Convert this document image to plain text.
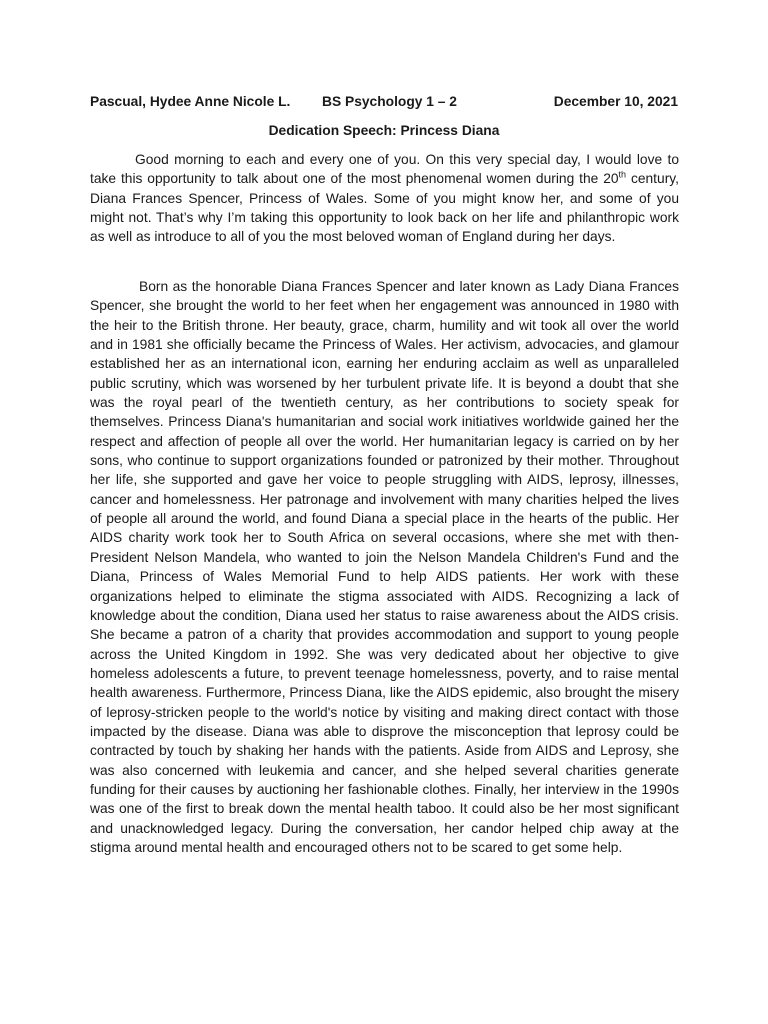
Pascual, Hydee Anne Nicole L.	BS Psychology 1 – 2	December 10, 2021
Dedication Speech: Princess Diana

Good morning to each and every one of you. On this very special day, I would love to take this opportunity to talk about one of the most phenomenal women during the 20th century, Diana Frances Spencer, Princess of Wales. Some of you might know her, and some of you might not. That’s why I’m taking this opportunity to look back on her life and philanthropic work as well as introduce to all of you the most beloved woman of England during her days.

Born as the honorable Diana Frances Spencer and later known as Lady Diana Frances Spencer, she brought the world to her feet when her engagement was announced in 1980 with the heir to the British throne. Her beauty, grace, charm, humility and wit took all over the world and in 1981 she officially became the Princess of Wales. Her activism, advocacies, and glamour established her as an international icon, earning her enduring acclaim as well as unparalleled public scrutiny, which was worsened by her turbulent private life. It is beyond a doubt that she was the royal pearl of the twentieth century, as her contributions to society speak for themselves. Princess Diana's humanitarian and social work initiatives worldwide gained her the respect and affection of people all over the world. Her humanitarian legacy is carried on by her sons, who continue to support organizations founded or patronized by their mother. Throughout her life, she supported and gave her voice to people struggling with AIDS, leprosy, illnesses, cancer and homelessness. Her patronage and involvement with many charities helped the lives of people all around the world, and found Diana a special place in the hearts of the public. Her AIDS charity work took her to South Africa on several occasions, where she met with then-President Nelson Mandela, who wanted to join the Nelson Mandela Children's Fund and the Diana, Princess of Wales Memorial Fund to help AIDS patients. Her work with these organizations helped to eliminate the stigma associated with AIDS. Recognizing a lack of knowledge about the condition, Diana used her status to raise awareness about the AIDS crisis. She became a patron of a charity that provides accommodation and support to young people across the United Kingdom in 1992. She was very dedicated about her objective to give homeless adolescents a future, to prevent teenage homelessness, poverty, and to raise mental health awareness. Furthermore, Princess Diana, like the AIDS epidemic, also brought the misery of leprosy-stricken people to the world's notice by visiting and making direct contact with those impacted by the disease. Diana was able to disprove the misconception that leprosy could be contracted by touch by shaking her hands with the patients. Aside from AIDS and Leprosy, she was also concerned with leukemia and cancer, and she helped several charities generate funding for their causes by auctioning her fashionable clothes. Finally, her interview in the 1990s was one of the first to break down the mental health taboo. It could also be her most significant and unacknowledged legacy. During the conversation, her candor helped chip away at the stigma around mental health and encouraged others not to be scared to get some help.
